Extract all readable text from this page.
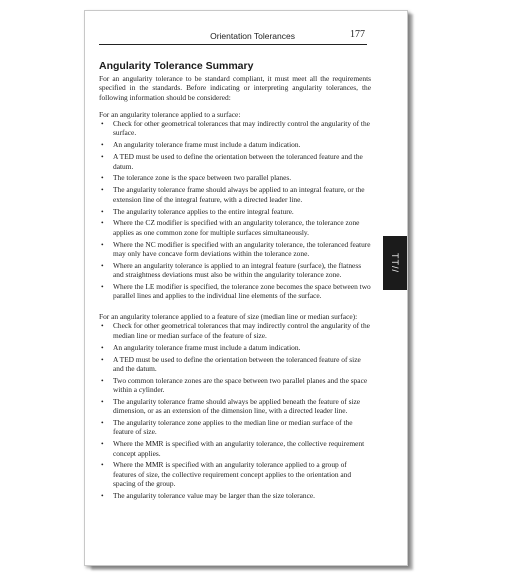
Orientation Tolerances	177
Angularity Tolerance Summary

For an angularity tolerance to be standard compliant, it must meet all the requirements specified in the standards. Before indicating or interpreting angularity tolerances, the following information should be considered:

For an angularity tolerance applied to a surface:

• Check for other geometrical tolerances that may indirectly control the angularity of the surface.
• An angularity tolerance frame must include a datum indication.
• A TED must be used to define the orientation between the toleranced feature and the datum.
• The tolerance zone is the space between two parallel planes.
• The angularity tolerance frame should always be applied to an integral feature, or the extension line of the integral feature, with a directed leader line.
• The angularity tolerance applies to the entire integral feature.
• Where the CZ modifier is specified with an angularity tolerance, the tolerance zone applies as one common zone for multiple surfaces simultaneously.
• Where the NC modifier is specified with an angularity tolerance, the toleranced feature may only have concave form deviations within the tolerance zone.
• Where an angularity tolerance is applied to an integral feature (surface), the flatness and straightness deviations must also be within the angularity tolerance zone.
• Where the LE modifier is specified, the tolerance zone becomes the space between two parallel lines and applies to the individual line elements of the surface.

For an angularity tolerance applied to a feature of size (median line or median surface):

• Check for other geometrical tolerances that may indirectly control the angularity of the median line or median surface of the feature of size.
• An angularity tolerance frame must include a datum indication.
• A TED must be used to define the orientation between the toleranced feature of size and the datum.
• Two common tolerance zones are the space between two parallel planes and the space within a cylinder.
• The angularity tolerance frame should always be applied beneath the feature of size dimension, or as an extension of the dimension line, with a directed leader line.
• The angularity tolerance zone applies to the median line or median surface of the feature of size.
• Where the MMR is specified with an angularity tolerance, the collective requirement concept applies.
• Where the MMR is specified with an angularity tolerance applied to a group of features of size, the collective requirement concept applies to the orientation and spacing of the group.
• The angularity tolerance value may be larger than the size tolerance.
TT//
